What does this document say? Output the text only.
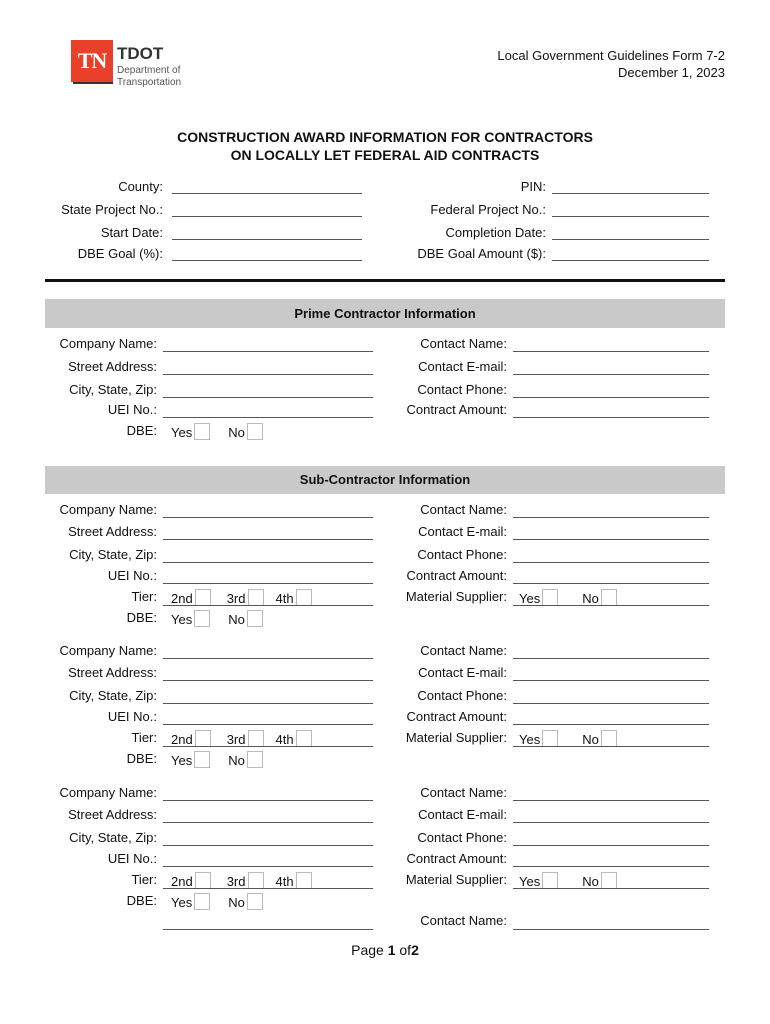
TN TDOT
Department of
Transportation
Local Government Guidelines Form 7-2
December 1, 2023
CONSTRUCTION AWARD INFORMATION FOR CONTRACTORS
ON LOCALLY LET FEDERAL AID CONTRACTS
County:	PIN:
State Project No.:	Federal Project No.:
Start Date:	Completion Date:
DBE Goal (%):	DBE Goal Amount ($):
Company Name:	Contact Name:
Street Address:	Contact E-mail:
City, State, Zip:	Contact Phone:
UEI No.:	Contract Amount:
DBE: Yes	No
Company Name:	Contact Name:
Street Address:	Contact E-mail:
City, State, Zip:	Contact Phone:
UEI No.:	Contract Amount:
Tier: 2nd	3rd 4th	Material Supplier: Yes	No
DBE: Yes	No
Company Name:	Contact Name:
Street Address:	Contact E-mail:
City, State, Zip:	Contact Phone:
UEI No.:	Contract Amount:
Tier: 2nd	3rd 4th	Material Supplier: Yes	No
DBE: Yes	No
Company Name:	Contact Name:
Street Address:	Contact E-mail:
City, State, Zip:	Contact Phone:
UEI No.:	Contract Amount:
Tier: 2nd	3rd 4th	Material Supplier: Yes	No
DBE: Yes	No
Contact Name:
Prime Contractor Information
Sub-Contractor Information
Page 1 of2
